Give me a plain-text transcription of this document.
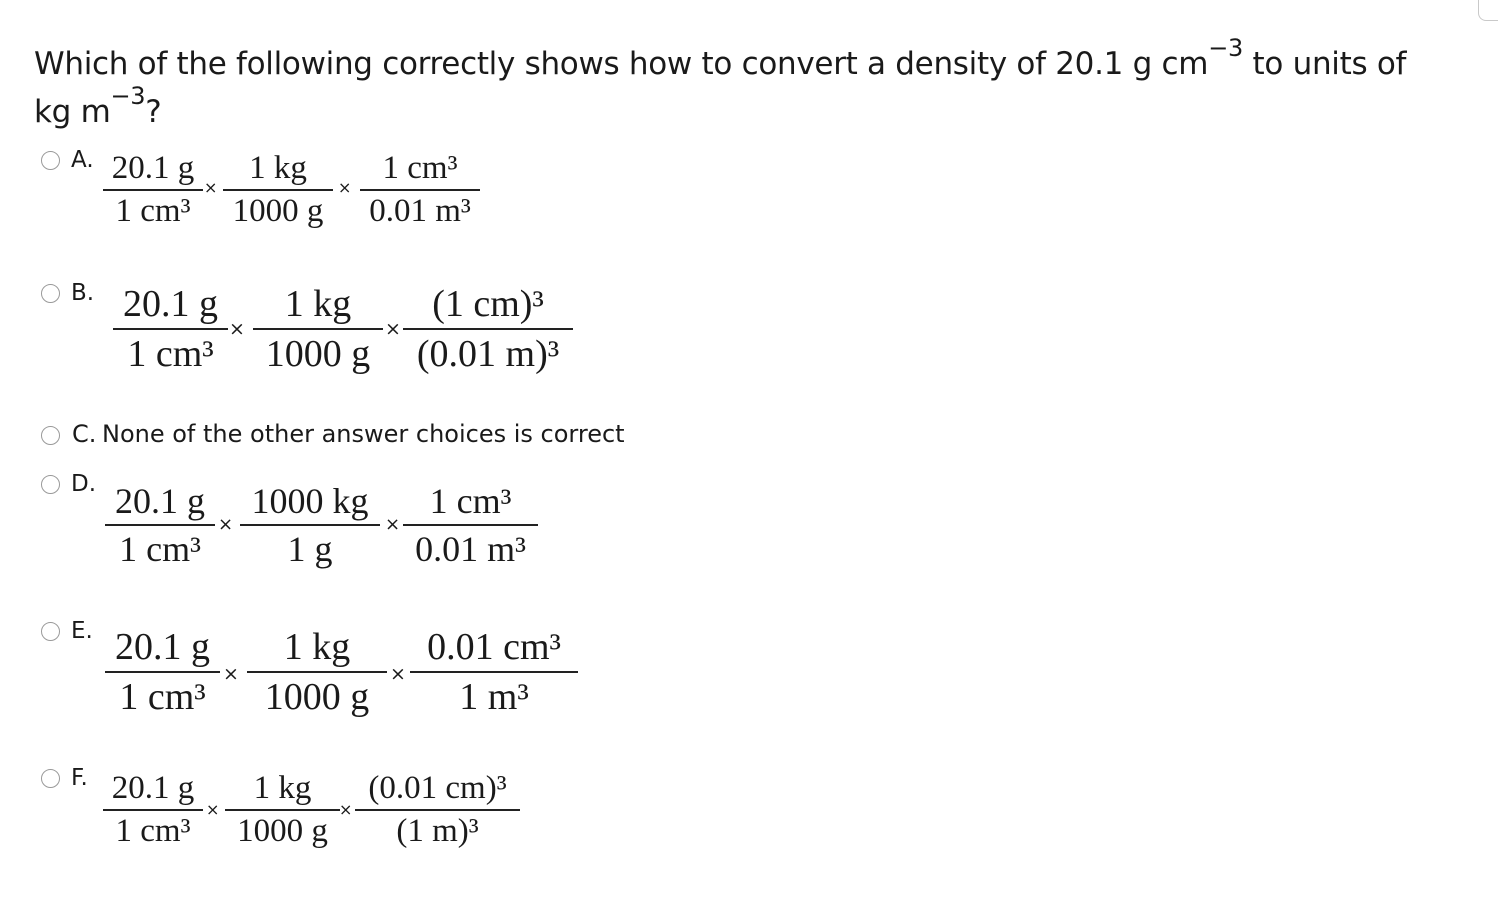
Which of the following correctly shows how to convert a density of 20.1 g $cm^{-3}$ to units of kg $m^{-3}$?
A. 20.1 g
1 cm³
×
1 kg
1000 g
×
1 cm³
0.01 m³
B. 20.1 g
1 cm³
×
1 kg
1000 g
×
(1 cm)³
(0.01 m)³
C. None of the other answer choices is correct
D. 20.1 g
1 cm³
×
1000 kg
1 g
×
1 cm³
0.01 m³
E. 20.1 g
1 cm³
×
1 kg
1000 g
×
0.01 cm³
1 m³
F. 20.1 g
1 cm³
×
1 kg
1000 g
×
(0.01 cm)³
(1 m)³
